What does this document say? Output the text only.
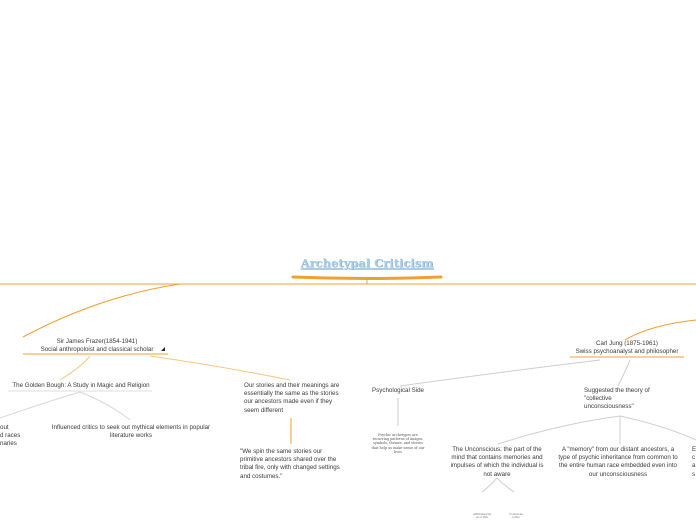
Archetypal Criticism
Sir James Frazer(1854-1941)
Social anthropoloist and classical scholar
The Golden Bough: A Study in Magic and Religion
out
d races
naries
Influenced critics to seek out mythical elements in popular
literature works
Our stories and their meanings are
essentially the same as the stories
our ancestors made even if they
seem different
"We spin the same stories our
primitive ancestors shared over the
tribal fire, only with changed settings
and costumes."
Psychological Side
Psychic archetypes are
recurring patterns of images,
symbols, themes, and stories
that help us make sense of our
lives
Carl Jung (1875-1961)
Swiss psychoanalyst and philosopher
Suggested the theory of
"collective
unconsciousness"
The Unconscious: the part of the
mind that contains memories and
impulses of which the individual is
not aware
A "memory" from our distant ancestors, a
type of psychic inheritance from common to
the entire human race embedded even into
our unconsciousness
E
c
a
s
Attributed fal
ss of this
Conscious
is the
